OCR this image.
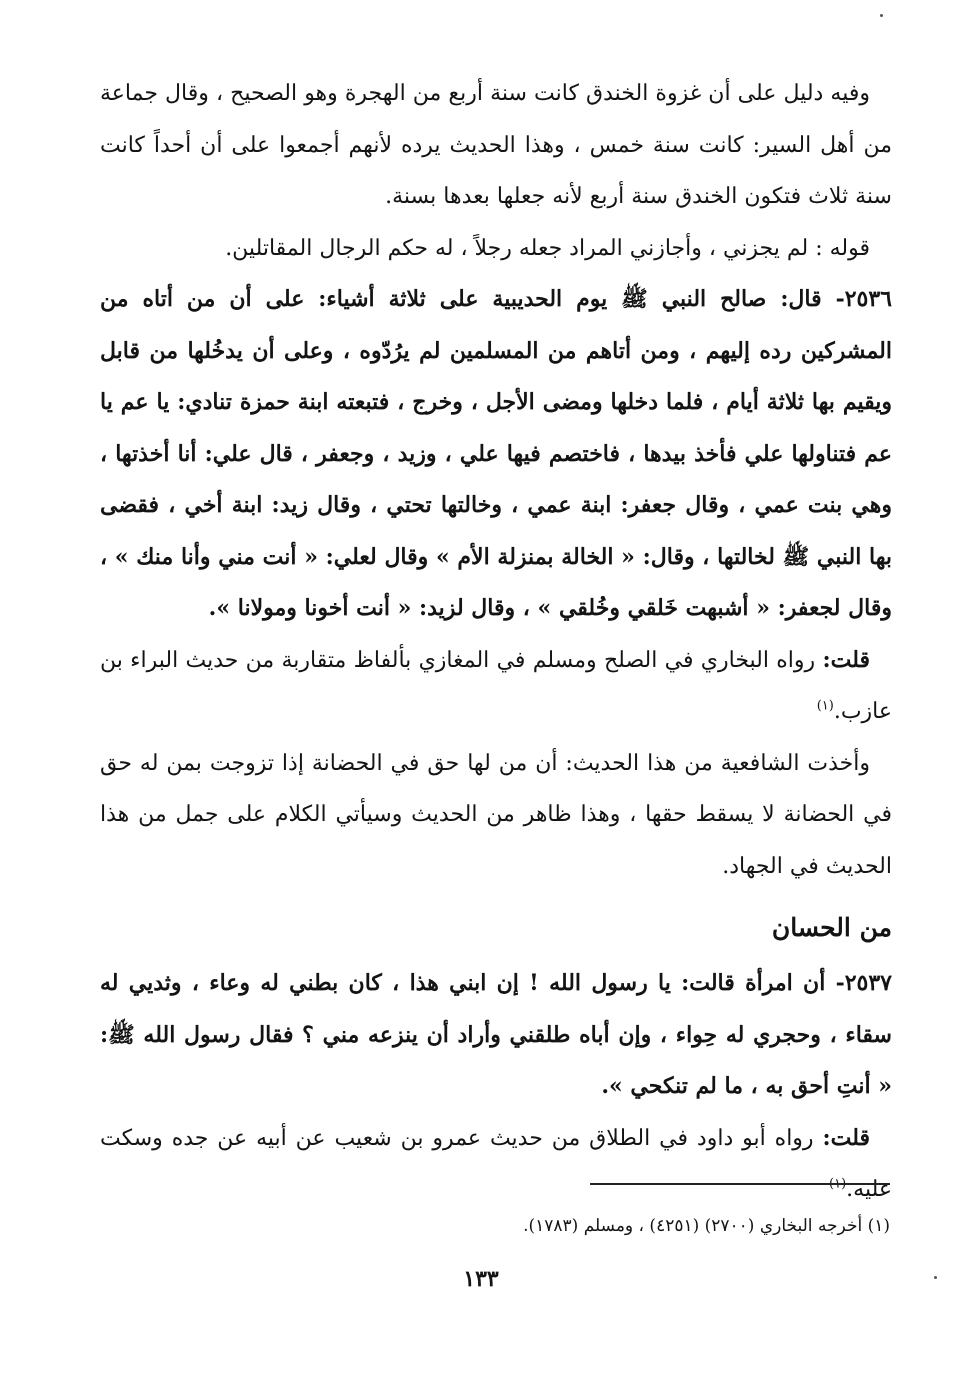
وفيه دليل على أن غزوة الخندق كانت سنة أربع من الهجرة وهو الصحيح ، وقال جماعة من أهل السير: كانت سنة خمس ، وهذا الحديث يرده لأنهم أجمعوا على أن أحداً كانت سنة ثلاث فتكون الخندق سنة أربع لأنه جعلها بعدها بسنة.

قوله : لم يجزني ، وأجازني المراد جعله رجلاً ، له حكم الرجال المقاتلين.

٢٥٣٦- قال: صالح النبي ﷺ يوم الحديبية على ثلاثة أشياء: على أن من أتاه من المشركين رده إليهم ، ومن أتاهم من المسلمين لم يرُدّوه ، وعلى أن يدخُلها من قابل ويقيم بها ثلاثة أيام ، فلما دخلها ومضى الأجل ، وخرج ، فتبعته ابنة حمزة تنادي: يا عم يا عم فتناولها علي فأخذ بيدها ، فاختصم فيها علي ، وزيد ، وجعفر ، قال علي: أنا أخذتها ، وهي بنت عمي ، وقال جعفر: ابنة عمي ، وخالتها تحتي ، وقال زيد: ابنة أخي ، فقضى بها النبي ﷺ لخالتها ، وقال: « الخالة بمنزلة الأم » وقال لعلي: « أنت مني وأنا منك » ، وقال لجعفر: « أشبهت خَلقي وخُلقي » ، وقال لزيد: « أنت أخونا ومولانا ».

قلت: رواه البخاري في الصلح ومسلم في المغازي بألفاظ متقاربة من حديث البراء بن عازب.$^{(١)}$

وأخذت الشافعية من هذا الحديث: أن من لها حق في الحضانة إذا تزوجت بمن له حق في الحضانة لا يسقط حقها ، وهذا ظاهر من الحديث وسيأتي الكلام على جمل من هذا الحديث في الجهاد.

من الحسان

٢٥٣٧- أن امرأة قالت: يا رسول الله ! إن ابني هذا ، كان بطني له وعاء ، وثديي له سقاء ، وحجري له حِواء ، وإن أباه طلقني وأراد أن ينزعه مني ؟ فقال رسول الله ﷺ: « أنتِ أحق به ، ما لم تنكحي ».

قلت: رواه أبو داود في الطلاق من حديث عمرو بن شعيب عن أبيه عن جده وسكت عليه.$^{(١)}$

(١) أخرجه البخاري (٢٧٠٠) (٤٢٥١) ، ومسلم (١٧٨٣).
١٣٣
